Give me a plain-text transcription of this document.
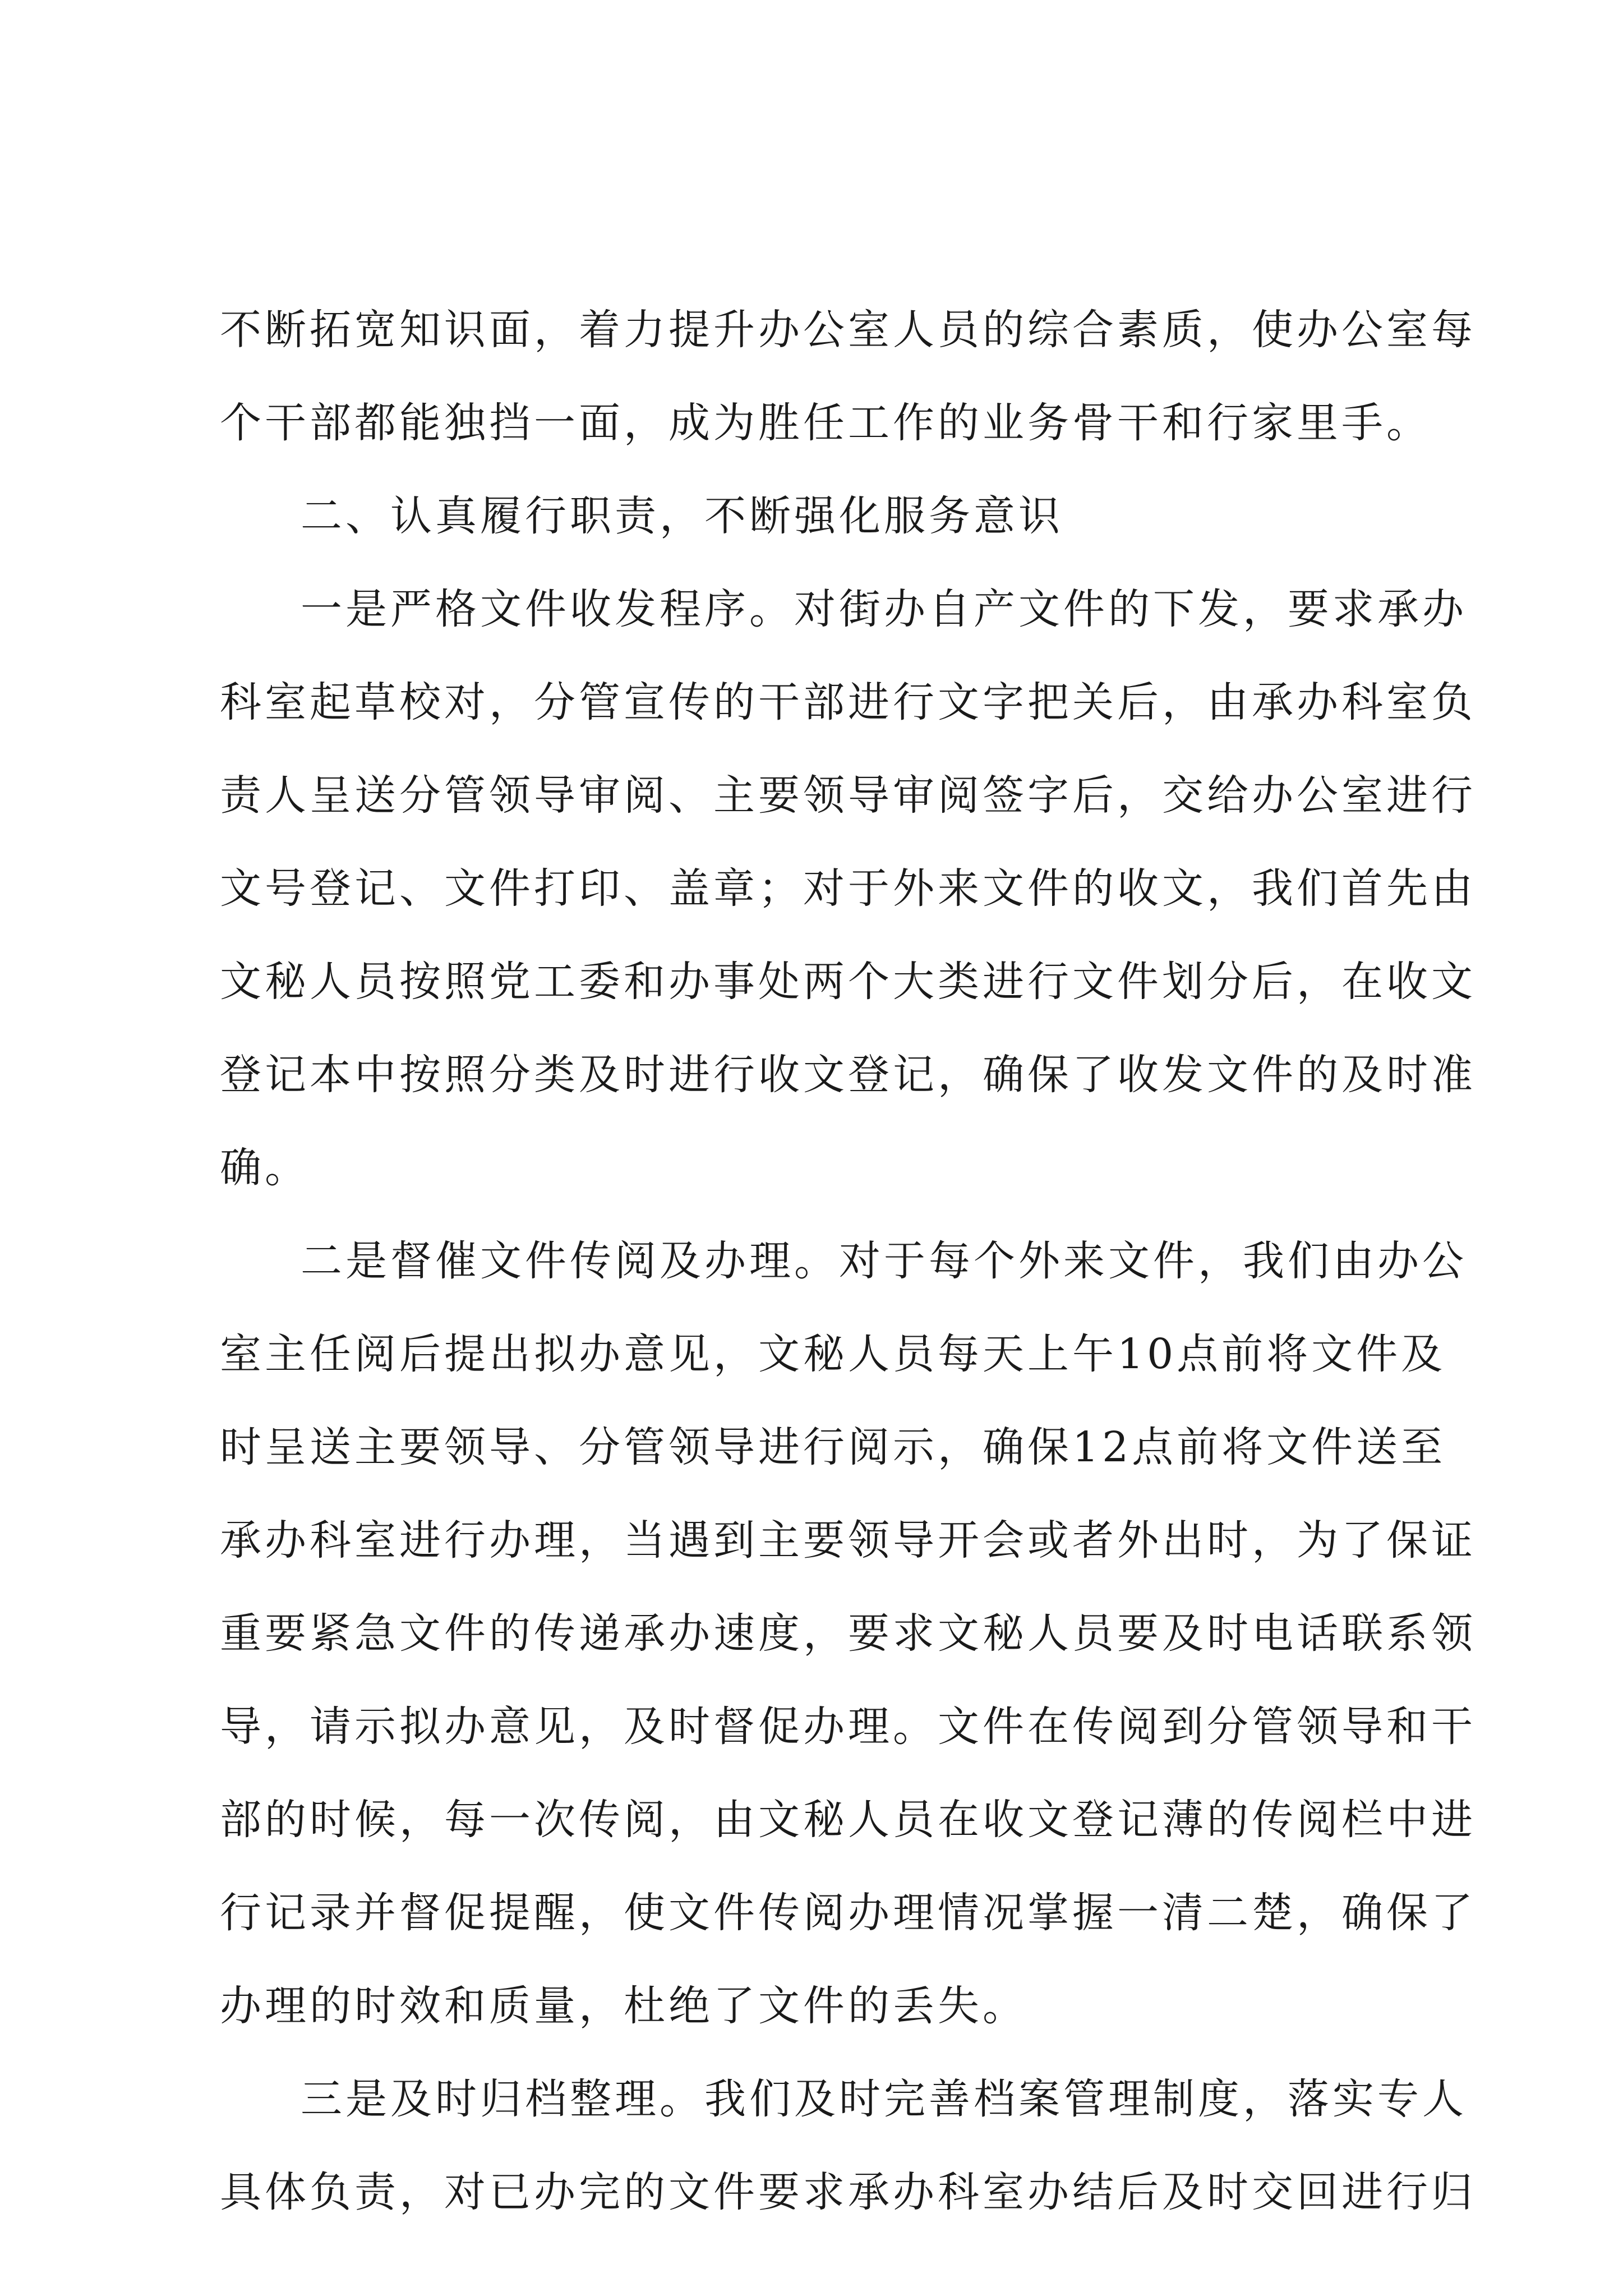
不断拓宽知识面，着力提升办公室人员的综合素质，使办公室每
个干部都能独挡一面，成为胜任工作的业务骨干和行家里手。
二、认真履行职责，不断强化服务意识
一是严格文件收发程序。对街办自产文件的下发，要求承办
科室起草校对，分管宣传的干部进行文字把关后，由承办科室负
责人呈送分管领导审阅、主要领导审阅签字后，交给办公室进行
文号登记、文件打印、盖章；对于外来文件的收文，我们首先由
文秘人员按照党工委和办事处两个大类进行文件划分后，在收文
登记本中按照分类及时进行收文登记，确保了收发文件的及时准
确。
二是督催文件传阅及办理。对于每个外来文件，我们由办公
室主任阅后提出拟办意见，文秘人员每天上午10点前将文件及
时呈送主要领导、分管领导进行阅示，确保12点前将文件送至
承办科室进行办理，当遇到主要领导开会或者外出时，为了保证
重要紧急文件的传递承办速度，要求文秘人员要及时电话联系领
导，请示拟办意见，及时督促办理。文件在传阅到分管领导和干
部的时候，每一次传阅，由文秘人员在收文登记薄的传阅栏中进
行记录并督促提醒，使文件传阅办理情况掌握一清二楚，确保了
办理的时效和质量，杜绝了文件的丢失。
三是及时归档整理。我们及时完善档案管理制度，落实专人
具体负责，对已办完的文件要求承办科室办结后及时交回进行归
